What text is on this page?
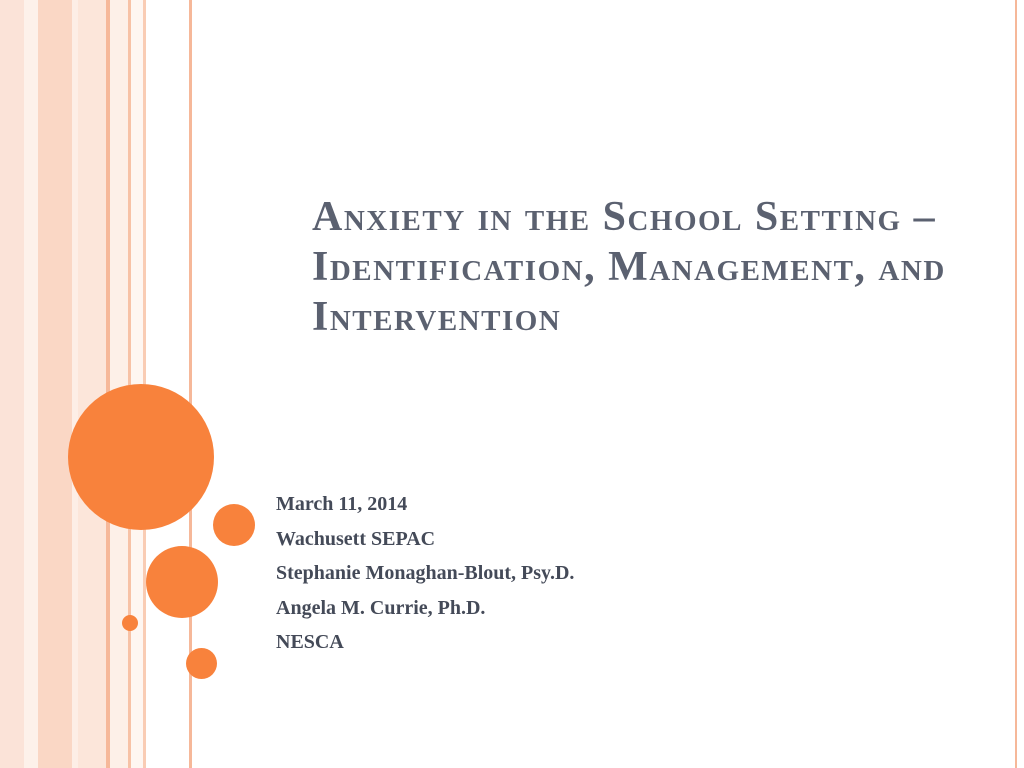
Anxiety in the School Setting – Identification, Management, and Intervention
March 11, 2014
Wachusett SEPAC
Stephanie Monaghan-Blout, Psy.D.
Angela M. Currie, Ph.D.
NESCA
